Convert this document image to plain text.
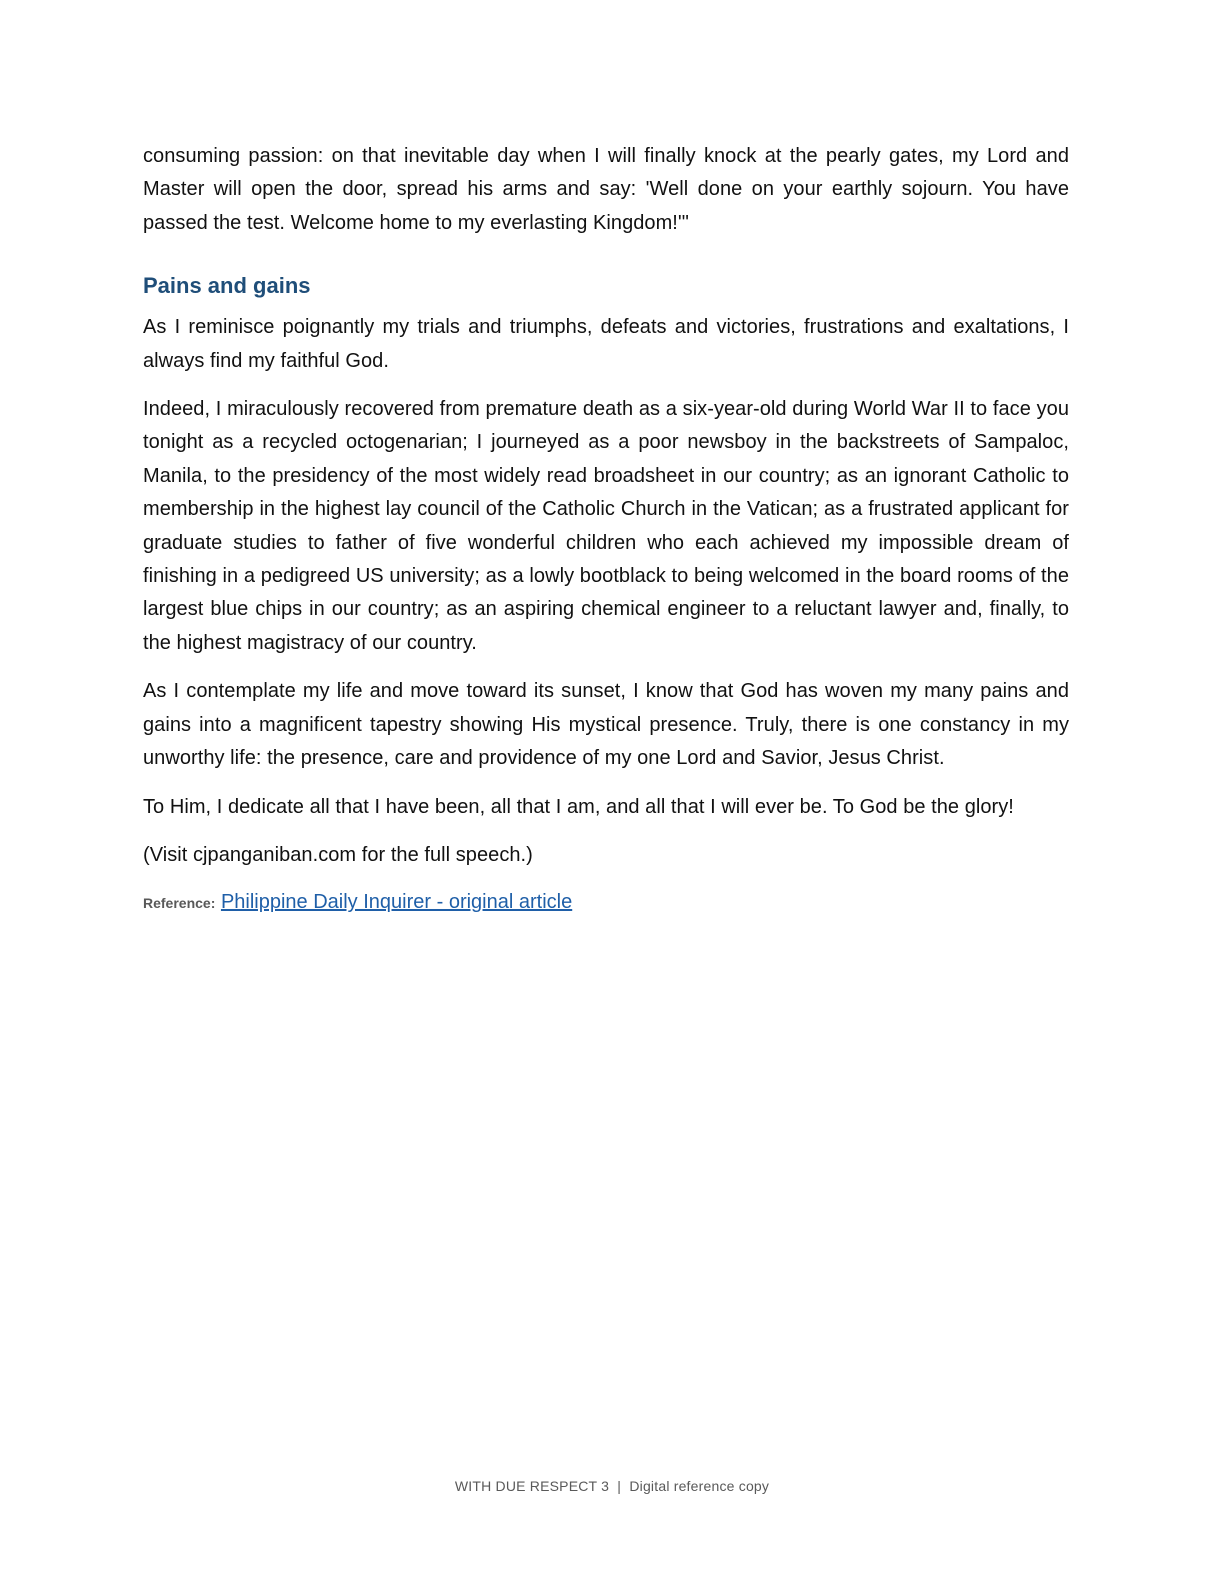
consuming passion: on that inevitable day when I will finally knock at the pearly gates, my Lord and Master will open the door, spread his arms and say: 'Well done on your earthly sojourn. You have passed the test. Welcome home to my everlasting Kingdom!'"

Pains and gains

As I reminisce poignantly my trials and triumphs, defeats and victories, frustrations and exaltations, I always find my faithful God.

Indeed, I miraculously recovered from premature death as a six-year-old during World War II to face you tonight as a recycled octogenarian; I journeyed as a poor newsboy in the backstreets of Sampaloc, Manila, to the presidency of the most widely read broadsheet in our country; as an ignorant Catholic to membership in the highest lay council of the Catholic Church in the Vatican; as a frustrated applicant for graduate studies to father of five wonderful children who each achieved my impossible dream of finishing in a pedigreed US university; as a lowly bootblack to being welcomed in the board rooms of the largest blue chips in our country; as an aspiring chemical engineer to a reluctant lawyer and, finally, to the highest magistracy of our country.

As I contemplate my life and move toward its sunset, I know that God has woven my many pains and gains into a magnificent tapestry showing His mystical presence. Truly, there is one constancy in my unworthy life: the presence, care and providence of my one Lord and Savior, Jesus Christ.

To Him, I dedicate all that I have been, all that I am, and all that I will ever be. To God be the glory!

(Visit cjpanganiban.com for the full speech.)

Reference: Philippine Daily Inquirer - original article
WITH DUE RESPECT 3  |  Digital reference copy
